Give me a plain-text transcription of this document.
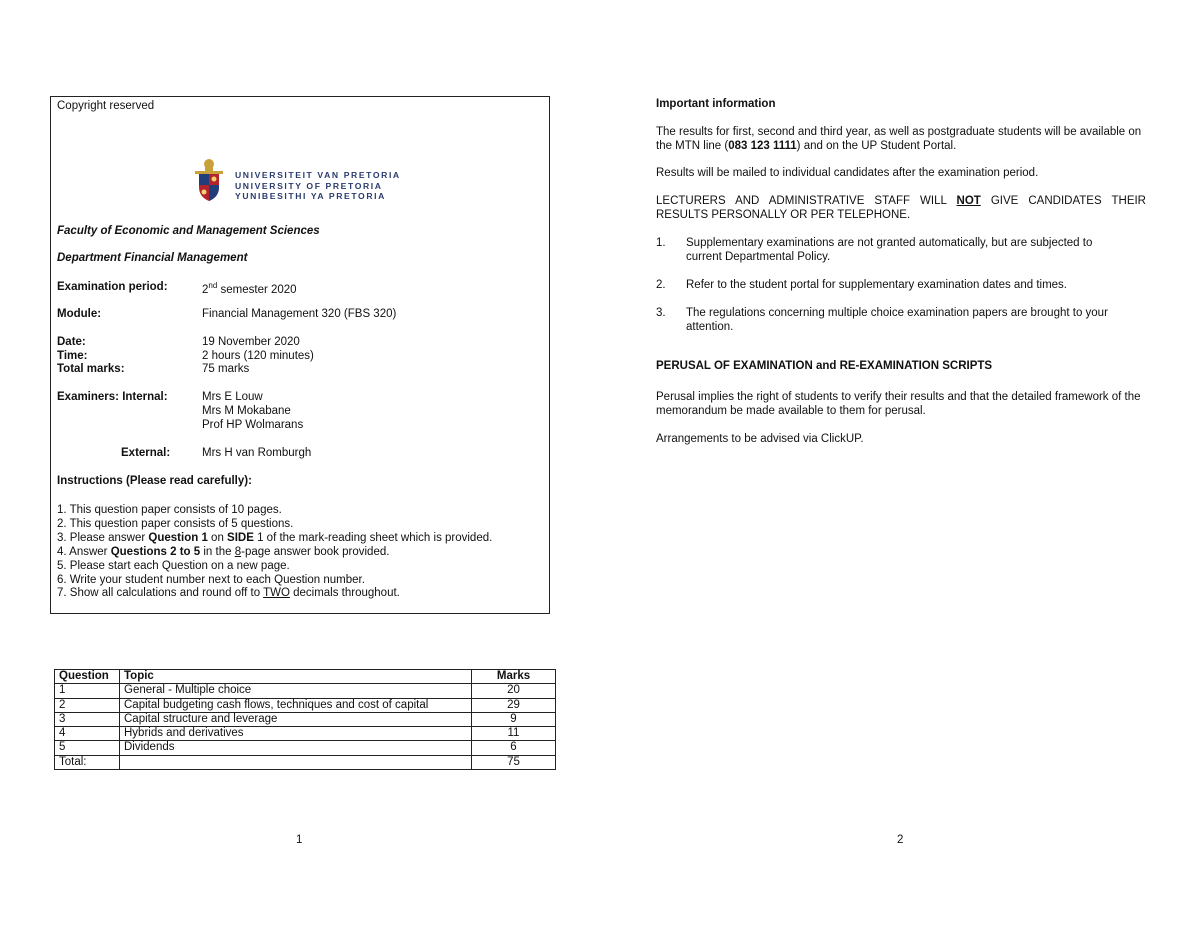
Copyright reserved
UNIVERSITEIT VAN PRETORIA
UNIVERSITY OF PRETORIA
YUNIBESITHI YA PRETORIA
Faculty of Economic and Management Sciences
Department Financial Management
Examination period:	2nd semester 2020
Module:	Financial Management 320 (FBS 320)
Date:	19 November 2020
Time:	2 hours (120 minutes)
Total marks:	75 marks
Examiners: Internal:	Mrs E Louw
Mrs M Mokabane
Prof HP Wolmarans
External:	Mrs H van Romburgh
Instructions (Please read carefully):
1. This question paper consists of 10 pages.
2. This question paper consists of 5 questions.
3. Please answer Question 1 on SIDE 1 of the mark-reading sheet which is provided.
4. Answer Questions 2 to 5 in the 8-page answer book provided.
5. Please start each Question on a new page.
6. Write your student number next to each Question number.
7. Show all calculations and round off to TWO decimals throughout.
Question	Topic	Marks
1	General - Multiple choice	20
2	Capital budgeting cash flows, techniques and cost of capital	29
3	Capital structure and leverage	9
4	Hybrids and derivatives	11
5	Dividends	6
Total:		75
1
Important information
The results for first, second and third year, as well as postgraduate students will be available on the MTN line (083 123 1111) and on the UP Student Portal.
Results will be mailed to individual candidates after the examination period.
LECTURERS AND ADMINISTRATIVE STAFF WILL NOT GIVE CANDIDATES THEIR RESULTS PERSONALLY OR PER TELEPHONE.
1. Supplementary examinations are not granted automatically, but are subjected to current Departmental Policy.
2. Refer to the student portal for supplementary examination dates and times.
3. The regulations concerning multiple choice examination papers are brought to your attention.
PERUSAL OF EXAMINATION and RE-EXAMINATION SCRIPTS
Perusal implies the right of students to verify their results and that the detailed framework of the memorandum be made available to them for perusal.
Arrangements to be advised via ClickUP.
2
